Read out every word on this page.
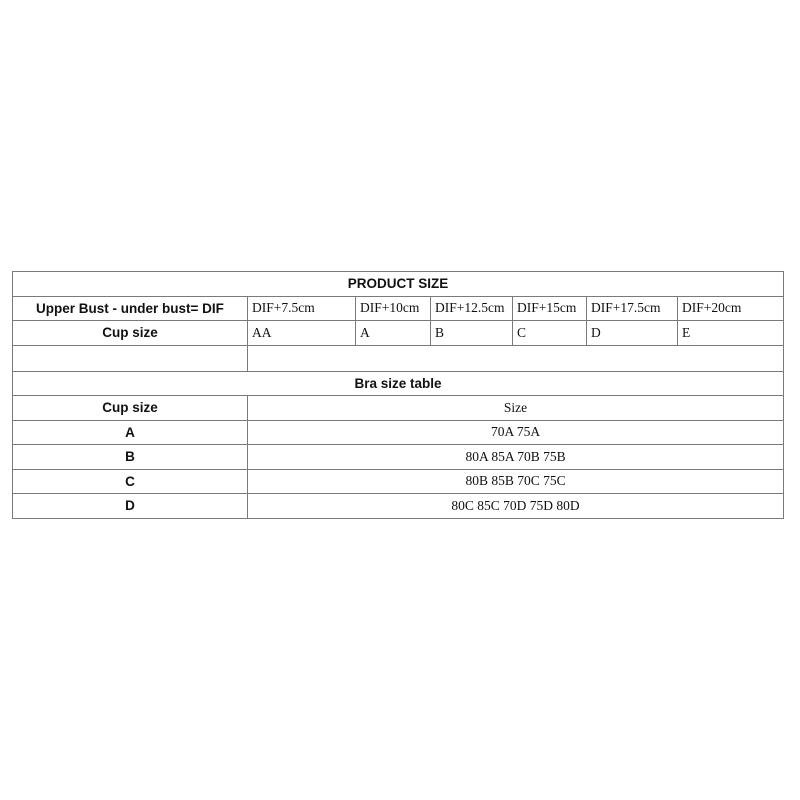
PRODUCT SIZE						
Upper Bust - under bust= DIF	DIF+7.5cm	DIF+10cm	DIF+12.5cm	DIF+15cm	DIF+17.5cm	DIF+20cm
Cup size	AA	A	B	C	D	E

Bra size table						
Cup size	Size					
A	70A 75A					
B	80A 85A 70B 75B					
C	80B 85B 70C 75C					
D	80C 85C 70D 75D 80D					
